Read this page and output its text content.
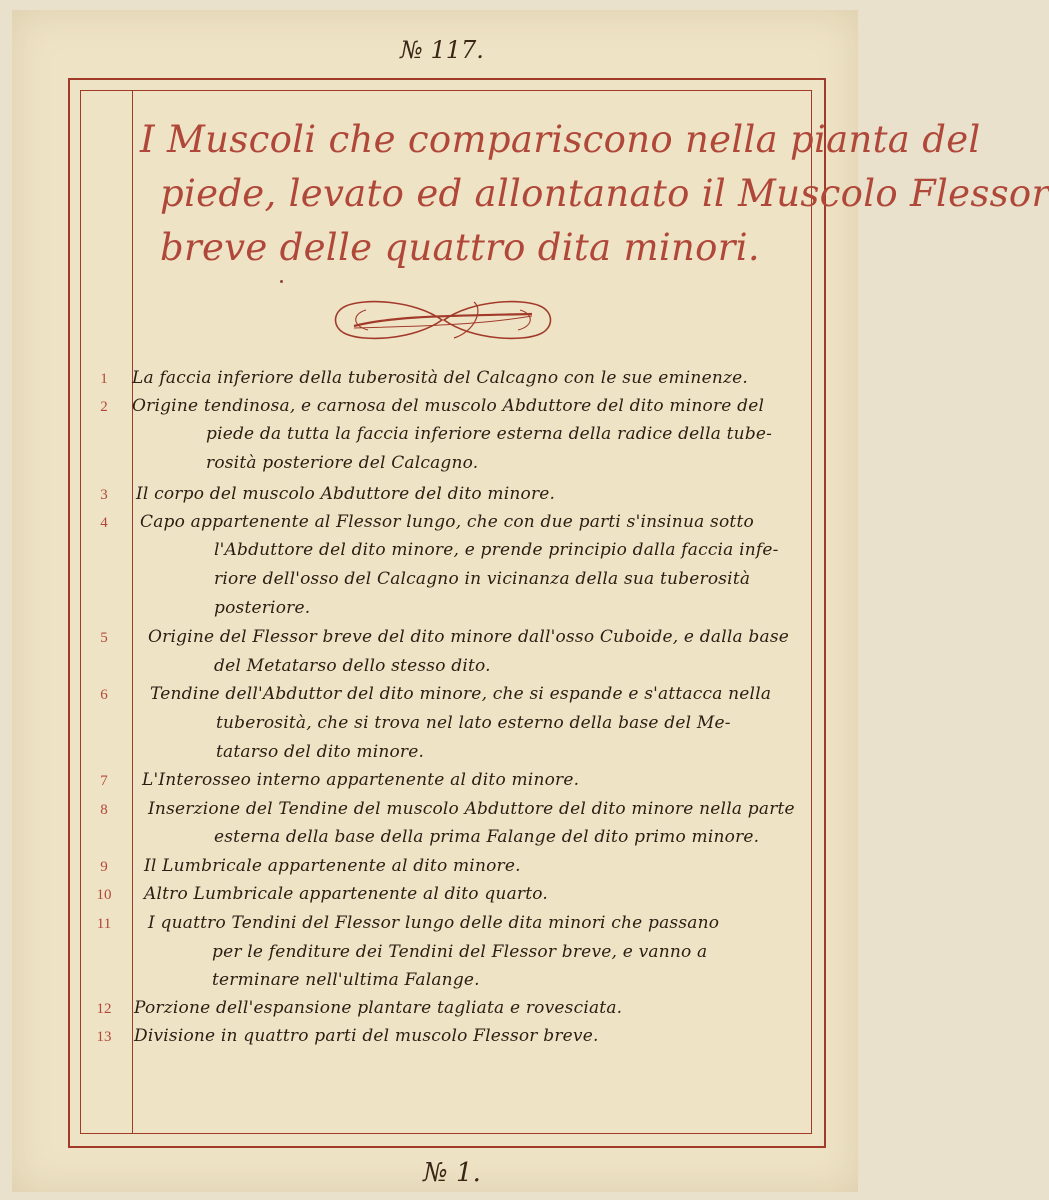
№ 117.
I Muscoli che compariscono nella pianta del
piede, levato ed allontanato il Muscolo Flessor
breve delle quattro dita minori.
1	La faccia inferiore della tuberosità del Calcagno con le sue eminenze.
2	Origine tendinosa, e carnosa del muscolo Abduttore del dito minore del
piede da tutta la faccia inferiore esterna della radice della tube-
rosità posteriore del Calcagno.
3	Il corpo del muscolo Abduttore del dito minore.
4	Capo appartenente al Flessor lungo, che con due parti s'insinua sotto
l'Abduttore del dito minore, e prende principio dalla faccia infe-
riore dell'osso del Calcagno in vicinanza della sua tuberosità
posteriore.
5	Origine del Flessor breve del dito minore dall'osso Cuboide, e dalla base
del Metatarso dello stesso dito.
6	Tendine dell'Abduttor del dito minore, che si espande e s'attacca nella
tuberosità, che si trova nel lato esterno della base del Me-
tatarso del dito minore.
7	L'Interosseo interno appartenente al dito minore.
8	Inserzione del Tendine del muscolo Abduttore del dito minore nella parte
esterna della base della prima Falange del dito primo minore.
9	Il Lumbricale appartenente al dito minore.
10	Altro Lumbricale appartenente al dito quarto.
11	I quattro Tendini del Flessor lungo delle dita minori che passano
per le fenditure dei Tendini del Flessor breve, e vanno a
terminare nell'ultima Falange.
12	Porzione dell'espansione plantare tagliata e rovesciata.
13	Divisione in quattro parti del muscolo Flessor breve.
№ 1.
